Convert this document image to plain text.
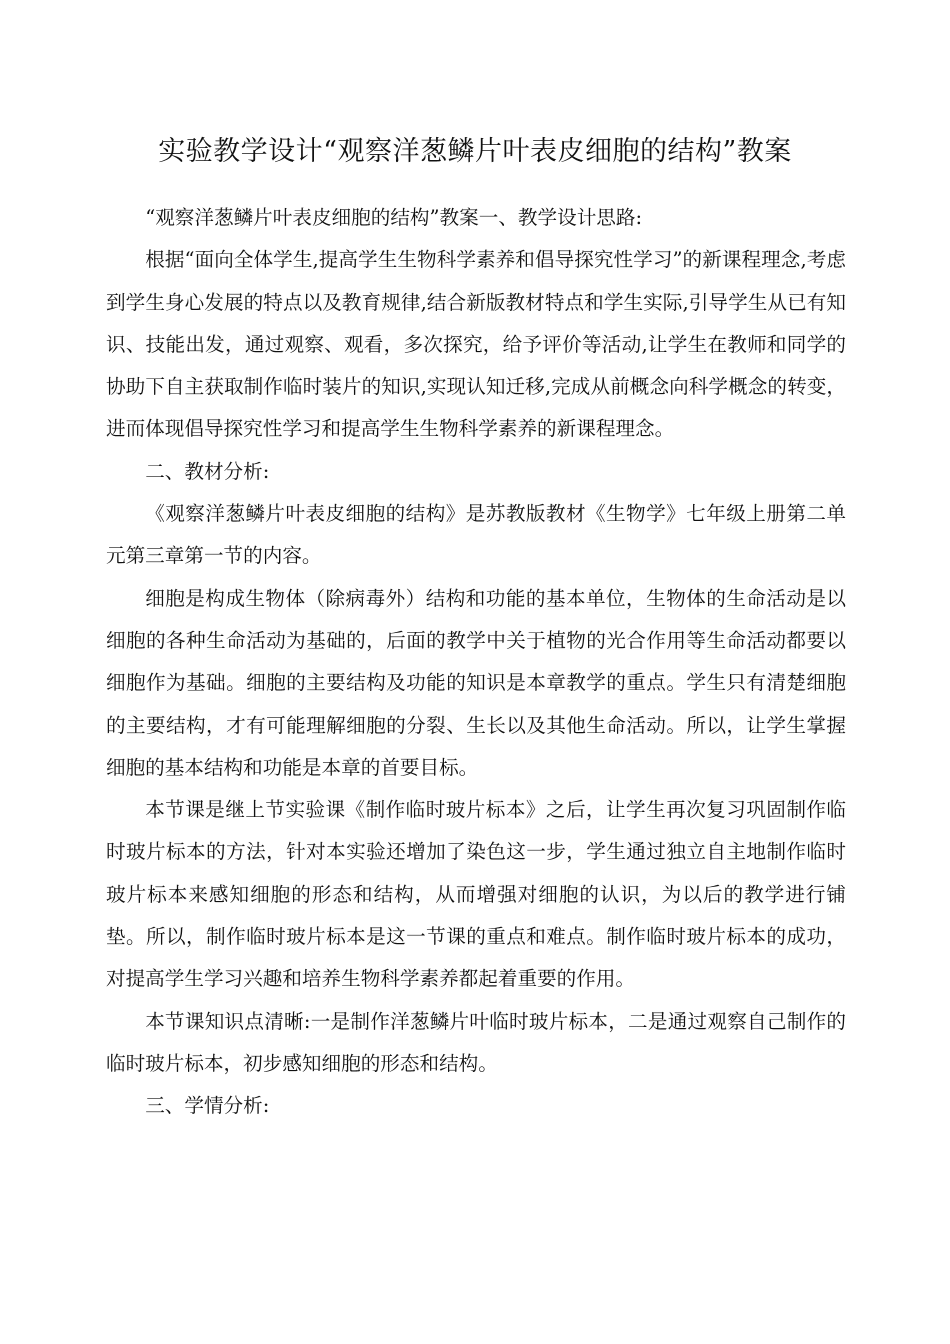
实验教学设计“观察洋葱鳞片叶表皮细胞的结构”教案

“观察洋葱鳞片叶表皮细胞的结构”教案一、教学设计思路:

根据“面向全体学生,提高学生生物科学素养和倡导探究性学习”的新课程理念,考虑到学生身心发展的特点以及教育规律,结合新版教材特点和学生实际,引导学生从已有知识、技能出发，通过观察、观看，多次探究，给予评价等活动,让学生在教师和同学的协助下自主获取制作临时装片的知识,实现认知迁移,完成从前概念向科学概念的转变，进而体现倡导探究性学习和提高学生生物科学素养的新课程理念。

二、教材分析:

《观察洋葱鳞片叶表皮细胞的结构》是苏教版教材《生物学》七年级上册第二单元第三章第一节的内容。

细胞是构成生物体（除病毒外）结构和功能的基本单位，生物体的生命活动是以细胞的各种生命活动为基础的，后面的教学中关于植物的光合作用等生命活动都要以细胞作为基础。细胞的主要结构及功能的知识是本章教学的重点。学生只有清楚细胞的主要结构，才有可能理解细胞的分裂、生长以及其他生命活动。所以，让学生掌握细胞的基本结构和功能是本章的首要目标。

本节课是继上节实验课《制作临时玻片标本》之后，让学生再次复习巩固制作临时玻片标本的方法，针对本实验还增加了染色这一步，学生通过独立自主地制作临时玻片标本来感知细胞的形态和结构，从而增强对细胞的认识，为以后的教学进行铺垫。所以，制作临时玻片标本是这一节课的重点和难点。制作临时玻片标本的成功，对提高学生学习兴趣和培养生物科学素养都起着重要的作用。

本节课知识点清晰:一是制作洋葱鳞片叶临时玻片标本，二是通过观察自己制作的临时玻片标本，初步感知细胞的形态和结构。

三、学情分析:
